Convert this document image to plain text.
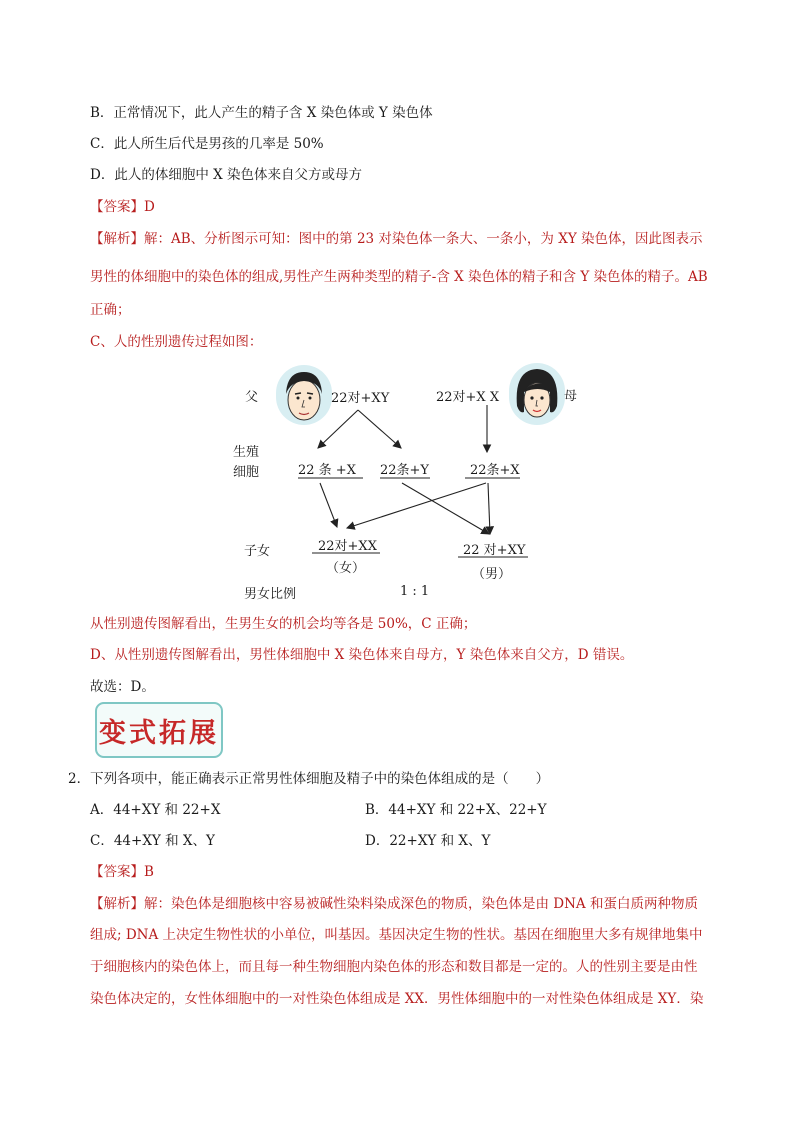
B．正常情况下，此人产生的精子含 X 染色体或 Y 染色体
C．此人所生后代是男孩的几率是 50%
D．此人的体细胞中 X 染色体来自父方或母方
【答案】D
【解析】解：AB、分析图示可知：图中的第 23 对染色体一条大、一条小，为 XY 染色体，因此图表示
男性的体细胞中的染色体的组成,男性产生两种类型的精子-含 X 染色体的精子和含 Y 染色体的精子。AB
正确；
C、人的性别遗传过程如图：
父	母
22对+XY	22对+X X
生殖
细胞	22 条 +X 22条+Y	22条+X
子女	22对+XX
（女）
22 对+XY
（男）
男女比例	1 : 1
从性别遗传图解看出，生男生女的机会均等各是 50%，C 正确；
D、从性别遗传图解看出，男性体细胞中 X 染色体来自母方，Y 染色体来自父方，D 错误。
故选：D。
变式拓展
2．下列各项中，能正确表示正常男性体细胞及精子中的染色体组成的是（　　）
A．44+XY 和 22+X	B．44+XY 和 22+X、22+Y
C．44+XY 和 X、Y	D．22+XY 和 X、Y
【答案】B
【解析】解：染色体是细胞核中容易被碱性染料染成深色的物质，染色体是由 DNA 和蛋白质两种物质
组成; DNA 上决定生物性状的小单位，叫基因。基因决定生物的性状。基因在细胞里大多有规律地集中
于细胞核内的染色体上，而且每一种生物细胞内染色体的形态和数目都是一定的。人的性别主要是由性
染色体决定的，女性体细胞中的一对性染色体组成是 XX．男性体细胞中的一对性染色体组成是 XY．染
